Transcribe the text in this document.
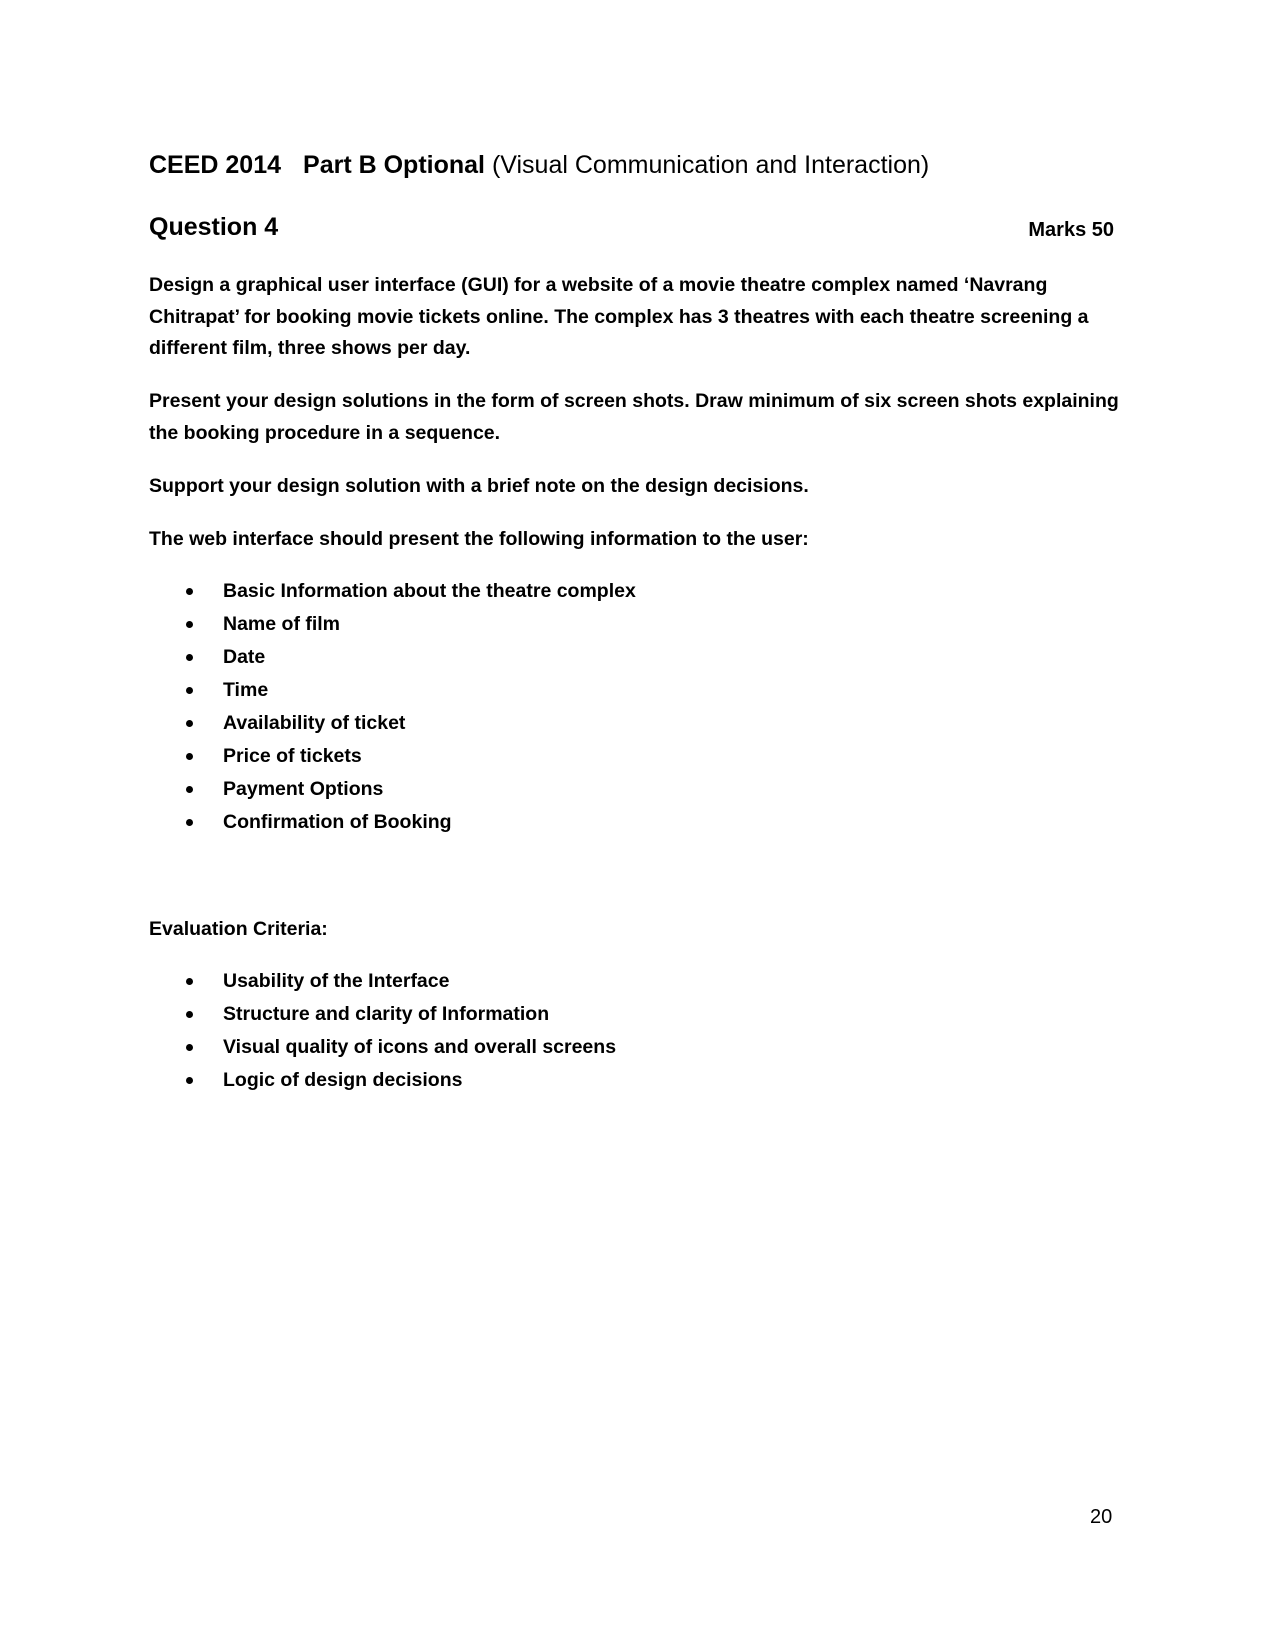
CEED 2014 Part B Optional (Visual Communication and Interaction)
Question 4	Marks 50

Design a graphical user interface (GUI) for a website of a movie theatre complex named ‘Navrang Chitrapat’ for booking movie tickets online. The complex has 3 theatres with each theatre screening a different film, three shows per day.

Present your design solutions in the form of screen shots. Draw minimum of six screen shots explaining the booking procedure in a sequence.

Support your design solution with a brief note on the design decisions.

The web interface should present the following information to the user:

Basic Information about the theatre complex
Name of film
Date
Time
Availability of ticket
Price of tickets
Payment Options
Confirmation of Booking

Evaluation Criteria:

Usability of the Interface
Structure and clarity of Information
Visual quality of icons and overall screens
Logic of design decisions
20
